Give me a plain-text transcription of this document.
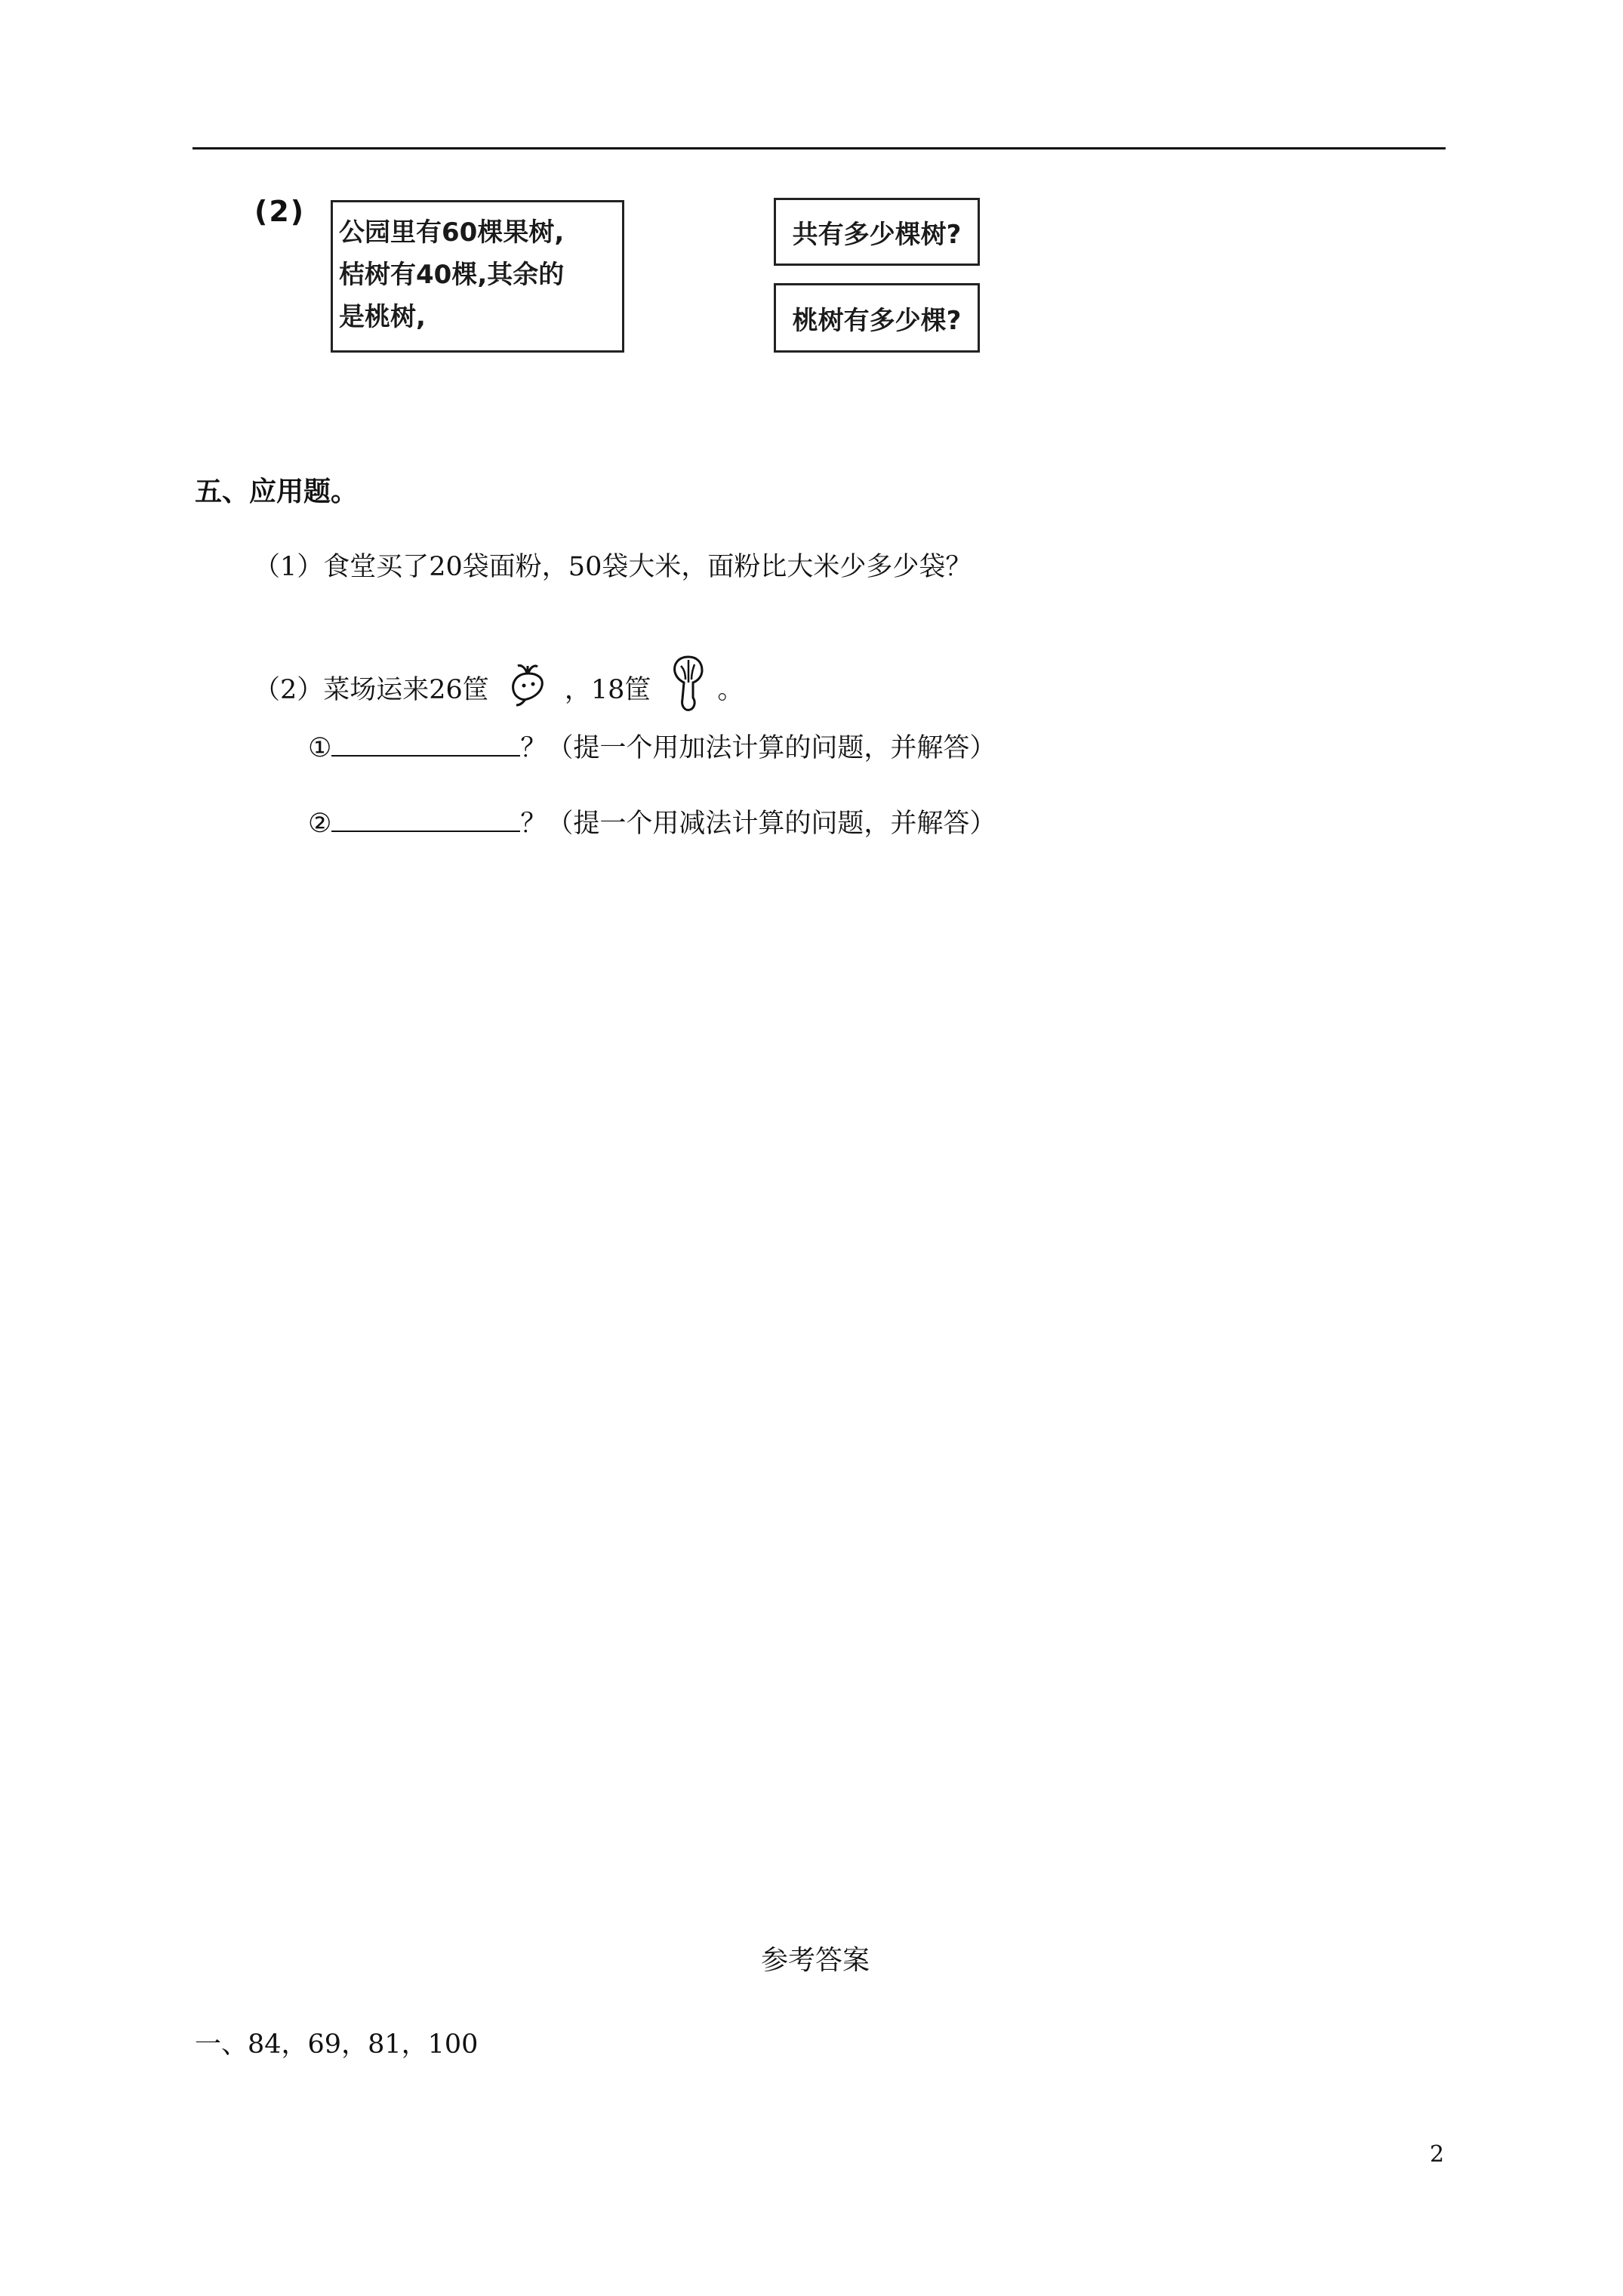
(2)
公园里有60棵果树,
桔树有40棵,其余的
是桃树,
共有多少棵树?
桃树有多少棵?
五、应用题。
（1）食堂买了20袋面粉，50袋大米，面粉比大米少多少袋？
（2）菜场运来26筐	，18筐	。
①	？（提一个用加法计算的问题，并解答）
②	？（提一个用减法计算的问题，并解答）
参考答案
一、84，69，81，100
2
